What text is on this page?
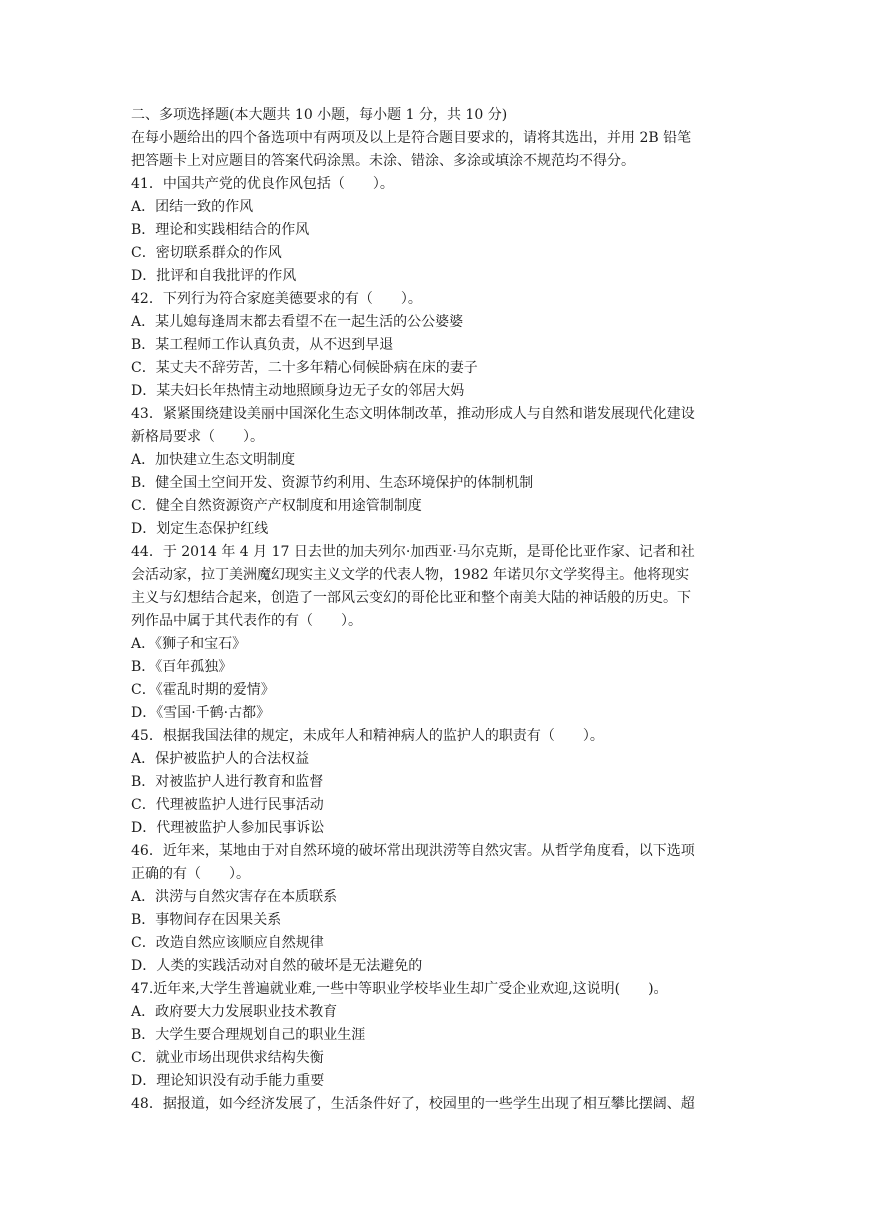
二、多项选择题(本大题共 10 小题，每小题 1 分，共 10 分)
在每小题给出的四个备选项中有两项及以上是符合题目要求的，请将其选出，并用 2B 铅笔
把答题卡上对应题目的答案代码涂黑。未涂、错涂、多涂或填涂不规范均不得分。
41．中国共产党的优良作风包括（　　）。
A．团结一致的作风
B．理论和实践相结合的作风
C．密切联系群众的作风
D．批评和自我批评的作风
42．下列行为符合家庭美德要求的有（　　）。
A．某儿媳每逢周末都去看望不在一起生活的公公婆婆
B．某工程师工作认真负责，从不迟到早退
C．某丈夫不辞劳苦，二十多年精心伺候卧病在床的妻子
D．某夫妇长年热情主动地照顾身边无子女的邻居大妈
43．紧紧围绕建设美丽中国深化生态文明体制改革，推动形成人与自然和谐发展现代化建设
新格局要求（　　）。
A．加快建立生态文明制度
B．健全国土空间开发、资源节约利用、生态环境保护的体制机制
C．健全自然资源资产产权制度和用途管制制度
D．划定生态保护红线
44．于 2014 年 4 月 17 日去世的加夫列尔·加西亚·马尔克斯，是哥伦比亚作家、记者和社
会活动家，拉丁美洲魔幻现实主义文学的代表人物，1982 年诺贝尔文学奖得主。他将现实
主义与幻想结合起来，创造了一部风云变幻的哥伦比亚和整个南美大陆的神话般的历史。下
列作品中属于其代表作的有（　　）。
A．《狮子和宝石》
B．《百年孤独》
C．《霍乱时期的爱情》
D．《雪国·千鹤·古都》
45．根据我国法律的规定，未成年人和精神病人的监护人的职责有（　　）。
A．保护被监护人的合法权益
B．对被监护人进行教育和监督
C．代理被监护人进行民事活动
D．代理被监护人参加民事诉讼
46．近年来，某地由于对自然环境的破坏常出现洪涝等自然灾害。从哲学角度看，以下选项
正确的有（　　）。
A．洪涝与自然灾害存在本质联系
B．事物间存在因果关系
C．改造自然应该顺应自然规律
D．人类的实践活动对自然的破坏是无法避免的
47.近年来,大学生普遍就业难,一些中等职业学校毕业生却广受企业欢迎,这说明(　　)。
A．政府要大力发展职业技术教育
B．大学生要合理规划自己的职业生涯
C．就业市场出现供求结构失衡
D．理论知识没有动手能力重要
48．据报道，如今经济发展了，生活条件好了，校园里的一些学生出现了相互攀比摆阔、超
